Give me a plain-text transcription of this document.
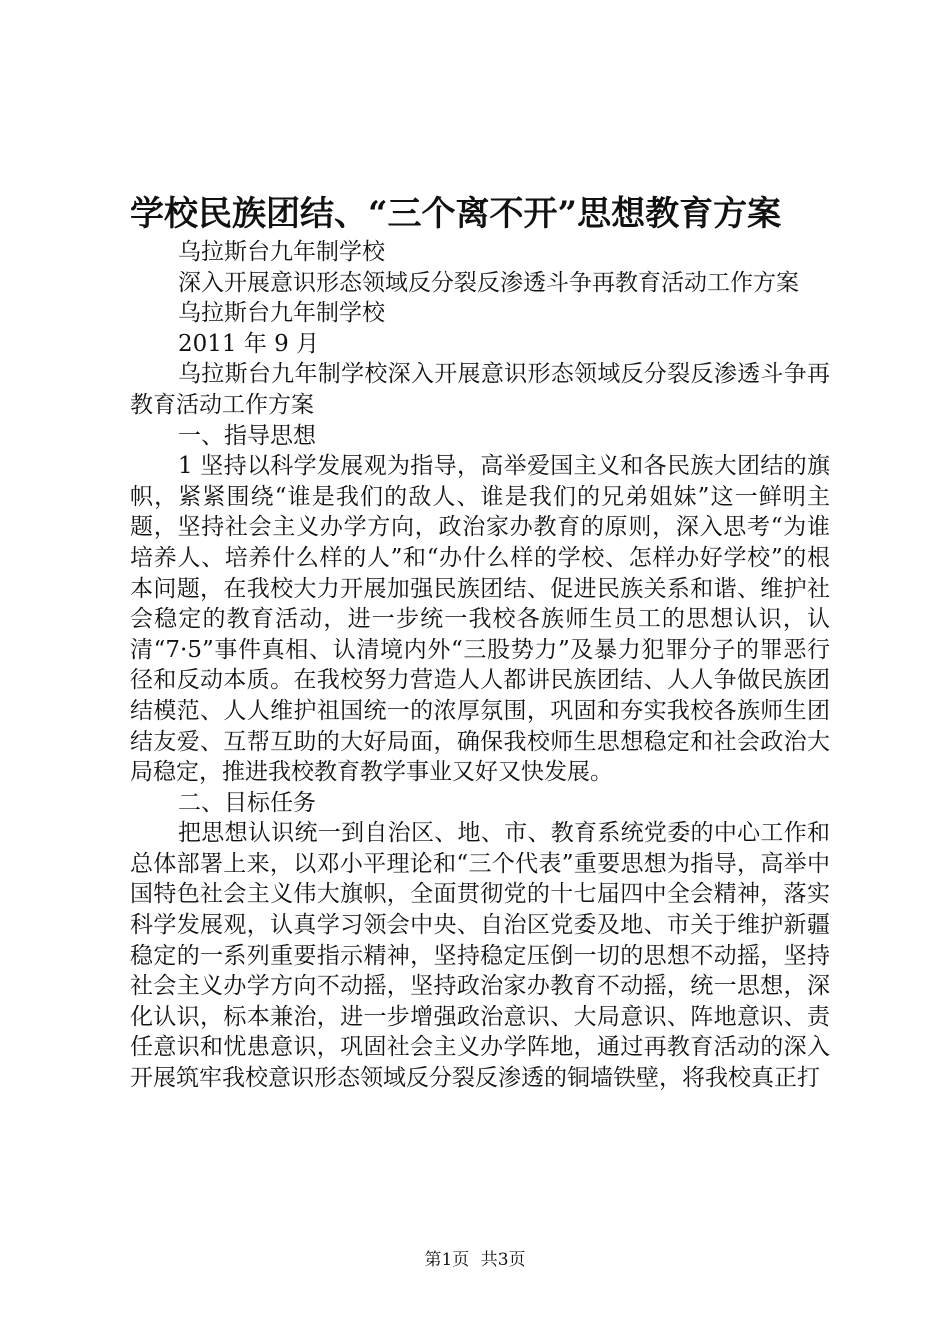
学校民族团结、“三个离不开”思想教育方案

乌拉斯台九年制学校

深入开展意识形态领域反分裂反渗透斗争再教育活动工作方案

乌拉斯台九年制学校

2011 年 9 月

乌拉斯台九年制学校深入开展意识形态领域反分裂反渗透斗争再教育活动工作方案

一、指导思想

1 坚持以科学发展观为指导，高举爱国主义和各民族大团结的旗帜，紧紧围绕“谁是我们的敌人、谁是我们的兄弟姐妹”这一鲜明主题，坚持社会主义办学方向，政治家办教育的原则，深入思考“为谁培养人、培养什么样的人”和“办什么样的学校、怎样办好学校”的根本问题，在我校大力开展加强民族团结、促进民族关系和谐、维护社会稳定的教育活动，进一步统一我校各族师生员工的思想认识，认清“7·5”事件真相、认清境内外“三股势力”及暴力犯罪分子的罪恶行径和反动本质。在我校努力营造人人都讲民族团结、人人争做民族团结模范、人人维护祖国统一的浓厚氛围，巩固和夯实我校各族师生团结友爱、互帮互助的大好局面，确保我校师生思想稳定和社会政治大局稳定，推进我校教育教学事业又好又快发展。

二、目标任务

把思想认识统一到自治区、地、市、教育系统党委的中心工作和总体部署上来，以邓小平理论和“三个代表”重要思想为指导，高举中国特色社会主义伟大旗帜，全面贯彻党的十七届四中全会精神，落实科学发展观，认真学习领会中央、自治区党委及地、市关于维护新疆稳定的一系列重要指示精神，坚持稳定压倒一切的思想不动摇，坚持社会主义办学方向不动摇，坚持政治家办教育不动摇，统一思想，深化认识，标本兼治，进一步增强政治意识、大局意识、阵地意识、责任意识和忧患意识，巩固社会主义办学阵地，通过再教育活动的深入开展筑牢我校意识形态领域反分裂反渗透的铜墙铁壁，将我校真正打

第1页 共3页
